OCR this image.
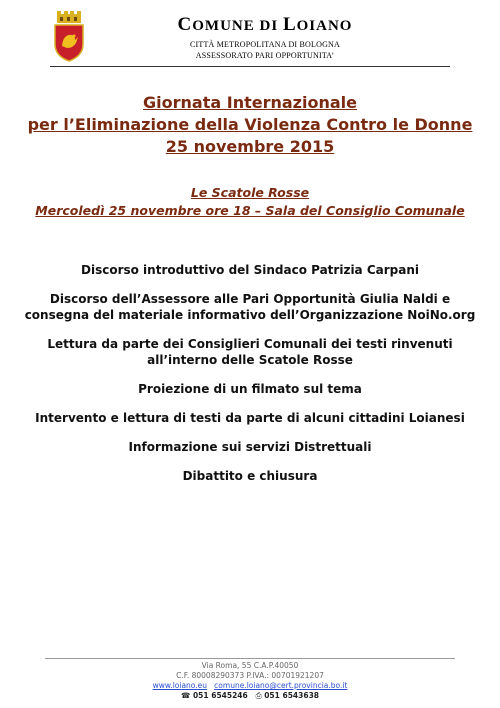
COMUNE DI LOIANO
CITTÀ METROPOLITANA DI BOLOGNA
ASSESSORATO PARI OPPORTUNITA’
Giornata Internazionale
per l’Eliminazione della Violenza Contro le Donne
25 novembre 2015
Le Scatole Rosse
Mercoledì 25 novembre ore 18 – Sala del Consiglio Comunale
Discorso introduttivo del Sindaco Patrizia Carpani
Discorso dell’Assessore alle Pari Opportunità Giulia Naldi e
consegna del materiale informativo dell’Organizzazione NoiNo.org
Lettura da parte dei Consiglieri Comunali dei testi rinvenuti
all’interno delle Scatole Rosse
Proiezione di un filmato sul tema
Intervento e lettura di testi da parte di alcuni cittadini Loianesi
Informazione sui servizi Distrettuali
Dibattito e chiusura
Via Roma, 55 C.A.P.40050
C.F. 80008290373 P.IVA.: 00701921207
www.loiano.eu comune.loiano@cert.provincia.bo.it
☎ 051 6545246 ⎙ 051 6543638
